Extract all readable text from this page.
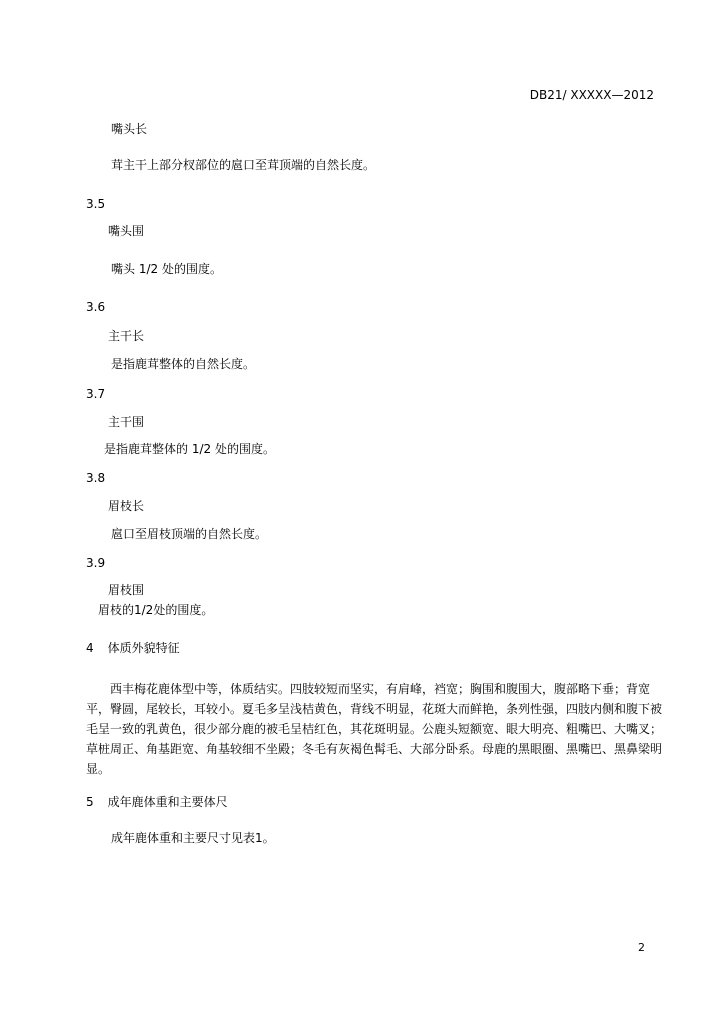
DB21/ XXXXX—2012
嘴头长
茸主干上部分杈部位的扈口至茸顶端的自然长度。
3.5
嘴头围
嘴头 1/2 处的围度。
3.6
主干长
是指鹿茸整体的自然长度。
3.7
主干围
是指鹿茸整体的 1/2 处的围度。
3.8
眉枝长
扈口至眉枝顶端的自然长度。
3.9
眉枝围
眉枝的1/2处的围度。
4 体质外貌特征
西丰梅花鹿体型中等，体质结实。四肢较短而坚实，有肩峰，裆宽；胸围和腹围大，腹部略下垂；背宽平，臀圆，尾较长，耳较小。夏毛多呈浅桔黄色，背线不明显，花斑大而鲜艳，条列性强，四肢内侧和腹下被毛呈一致的乳黄色，很少部分鹿的被毛呈桔红色，其花斑明显。公鹿头短额宽、眼大明亮、粗嘴巴、大嘴叉；草桩周正、角基距宽、角基较细不坐殿；冬毛有灰褐色髯毛、大部分卧系。母鹿的黑眼圈、黑嘴巴、黑鼻梁明显。
5 成年鹿体重和主要体尺
成年鹿体重和主要尺寸见表1。
2
